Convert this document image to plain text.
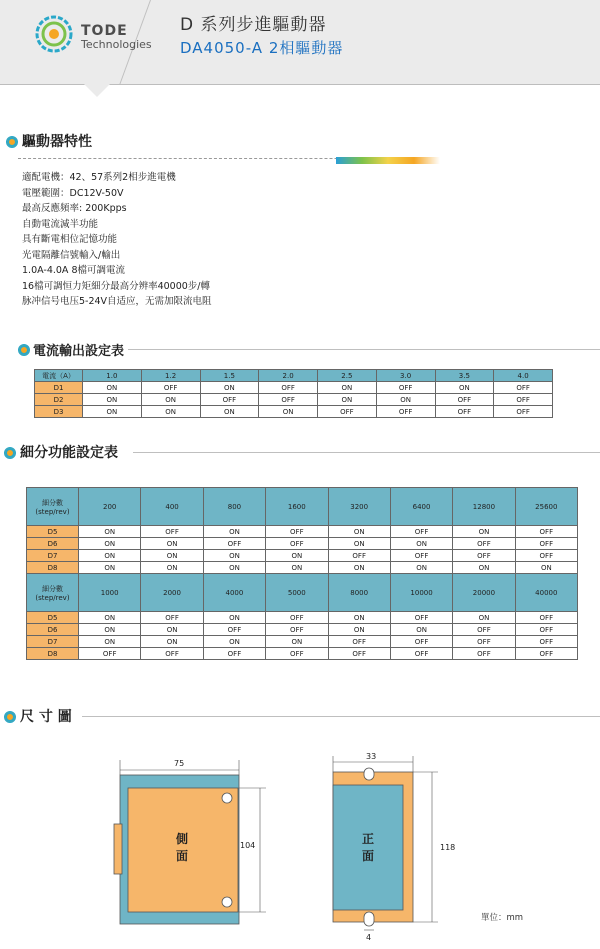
TODE
Technologies
D 系列步進驅動器
DA4050-A 2相驅動器
驅動器特性
適配電機：42、57系列2相步進電機
電壓範圍：DC12V-50V
最高反應頻率: 200Kpps
自動電流減半功能
具有斷電相位記憶功能
光電隔離信號輸入/輸出
1.0A-4.0A 8檔可調電流
16檔可調恒力矩細分最高分辨率40000步/轉
脉冲信号电压5-24V自适应，无需加限流电阻
電流輸出設定表
電流（A）	1.0	1.2	1.5	2.0	2.5	3.0	3.5	4.0
D1	ON	OFF	ON	OFF	ON	OFF	ON	OFF
D2	ON	ON	OFF	OFF	ON	ON	OFF	OFF
D3	ON	ON	ON	ON	OFF	OFF	OFF	OFF
細分功能設定表
細分數
(step/rev)	200	400	800	1600	3200	6400	12800	25600
D5	ON	OFF	ON	OFF	ON	OFF	ON	OFF
D6	ON	ON	OFF	OFF	ON	ON	OFF	OFF
D7	ON	ON	ON	ON	OFF	OFF	OFF	OFF
D8	ON	ON	ON	ON	ON	ON	ON	ON
細分數
(step/rev)	1000	2000	4000	5000	8000	10000	20000	40000
D5	ON	OFF	ON	OFF	ON	OFF	ON	OFF
D6	ON	ON	OFF	OFF	ON	ON	OFF	OFF
D7	ON	ON	ON	ON	OFF	OFF	OFF	OFF
D8	OFF	OFF	OFF	OFF	OFF	OFF	OFF	OFF
尺 寸 圖
75
104
側
面
33
118
4
正
面
單位：mm
